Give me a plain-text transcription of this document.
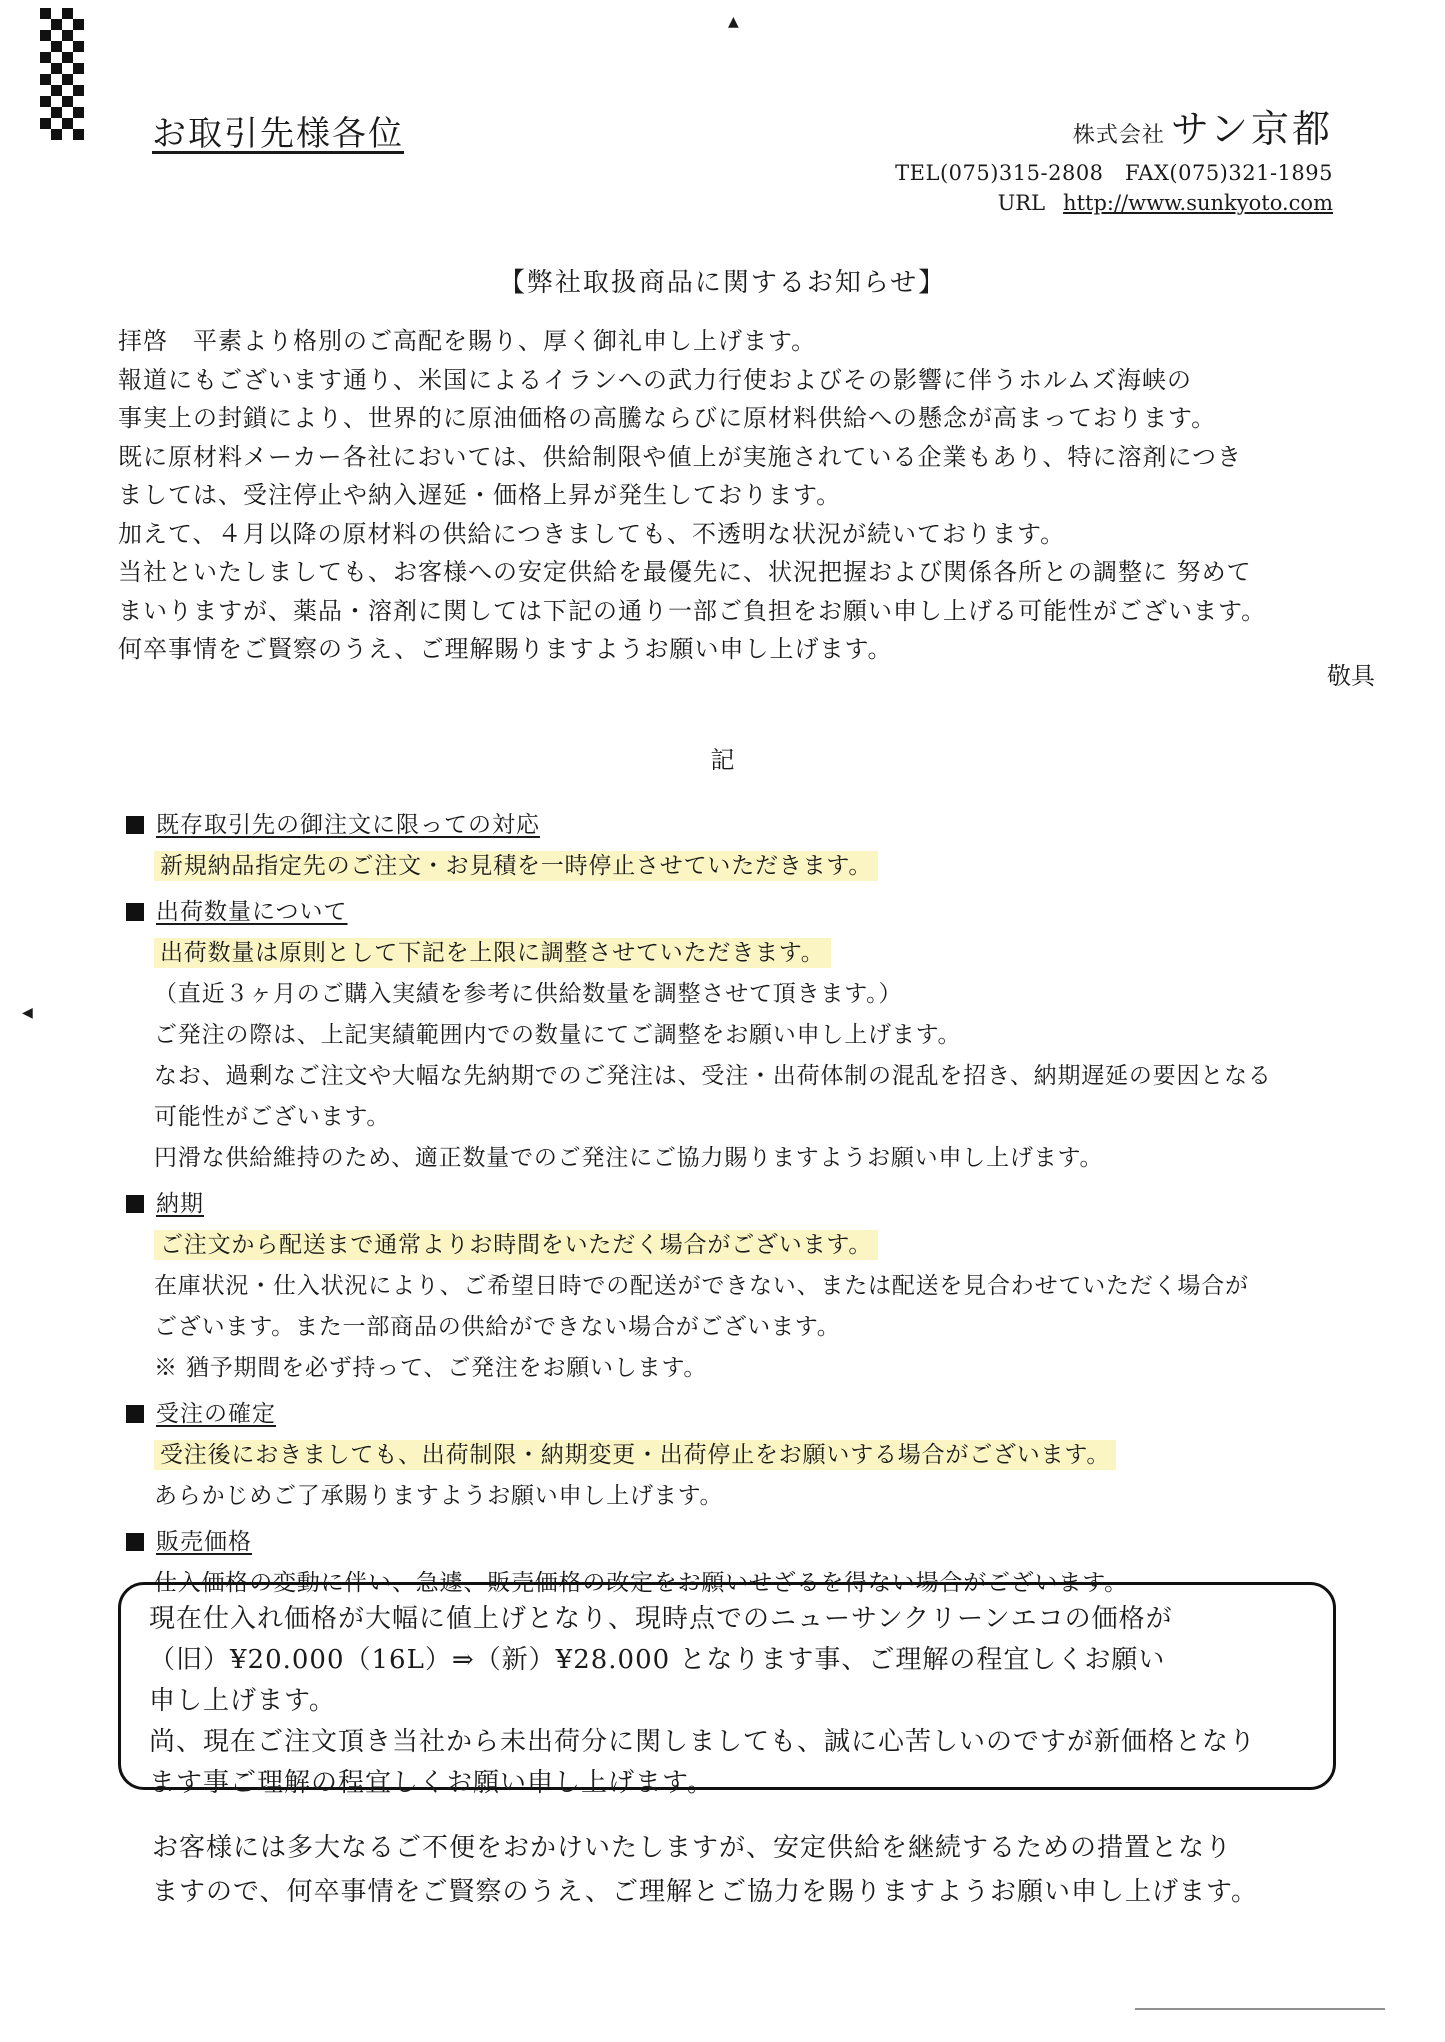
▲
◀
お取引先様各位	株式会社 サン京都
TEL(075)315-2808　FAX(075)321-1895
URL http://www.sunkyoto.com
【弊社取扱商品に関するお知らせ】

拝啓　平素より格別のご高配を賜り、厚く御礼申し上げます。

報道にもございます通り、米国によるイランへの武力行使およびその影響に伴うホルムズ海峡の

事実上の封鎖により、世界的に原油価格の高騰ならびに原材料供給への懸念が高まっております。

既に原材料メーカー各社においては、供給制限や値上が実施されている企業もあり、特に溶剤につき

ましては、受注停止や納入遅延・価格上昇が発生しております。

加えて、４月以降の原材料の供給につきましても、不透明な状況が続いております。

当社といたしましても、お客様への安定供給を最優先に、状況把握および関係各所との調整に 努めて

まいりますが、薬品・溶剤に関しては下記の通り一部ご負担をお願い申し上げる可能性がございます。

何卒事情をご賢察のうえ、ご理解賜りますようお願い申し上げます。

敬具
記
既存取引先の御注文に限っての対応

新規納品指定先のご注文・お見積を一時停止させていただきます。

出荷数量について

出荷数量は原則として下記を上限に調整させていただきます。

（直近３ヶ月のご購入実績を参考に供給数量を調整させて頂きます。）

ご発注の際は、上記実績範囲内での数量にてご調整をお願い申し上げます。

なお、過剰なご注文や大幅な先納期でのご発注は、受注・出荷体制の混乱を招き、納期遅延の要因となる

可能性がございます。

円滑な供給維持のため、適正数量でのご発注にご協力賜りますようお願い申し上げます。

納期

ご注文から配送まで通常よりお時間をいただく場合がございます。

在庫状況・仕入状況により、ご希望日時での配送ができない、または配送を見合わせていただく場合が

ございます。また一部商品の供給ができない場合がございます。

※ 猶予期間を必ず持って、ご発注をお願いします。

受注の確定

受注後におきましても、出荷制限・納期変更・出荷停止をお願いする場合がございます。

あらかじめご了承賜りますようお願い申し上げます。

販売価格

仕入価格の変動に伴い、急遽、販売価格の改定をお願いせざるを得ない場合がございます。

現在仕入れ価格が大幅に値上げとなり、現時点でのニューサンクリーンエコの価格が

（旧）¥20.000（16L）⇒（新）¥28.000 となります事、ご理解の程宜しくお願い

申し上げます。

尚、現在ご注文頂き当社から未出荷分に関しましても、誠に心苦しいのですが新価格となり

ます事ご理解の程宜しくお願い申し上げます。

お客様には多大なるご不便をおかけいたしますが、安定供給を継続するための措置となり

ますので、何卒事情をご賢察のうえ、ご理解とご協力を賜りますようお願い申し上げます。
